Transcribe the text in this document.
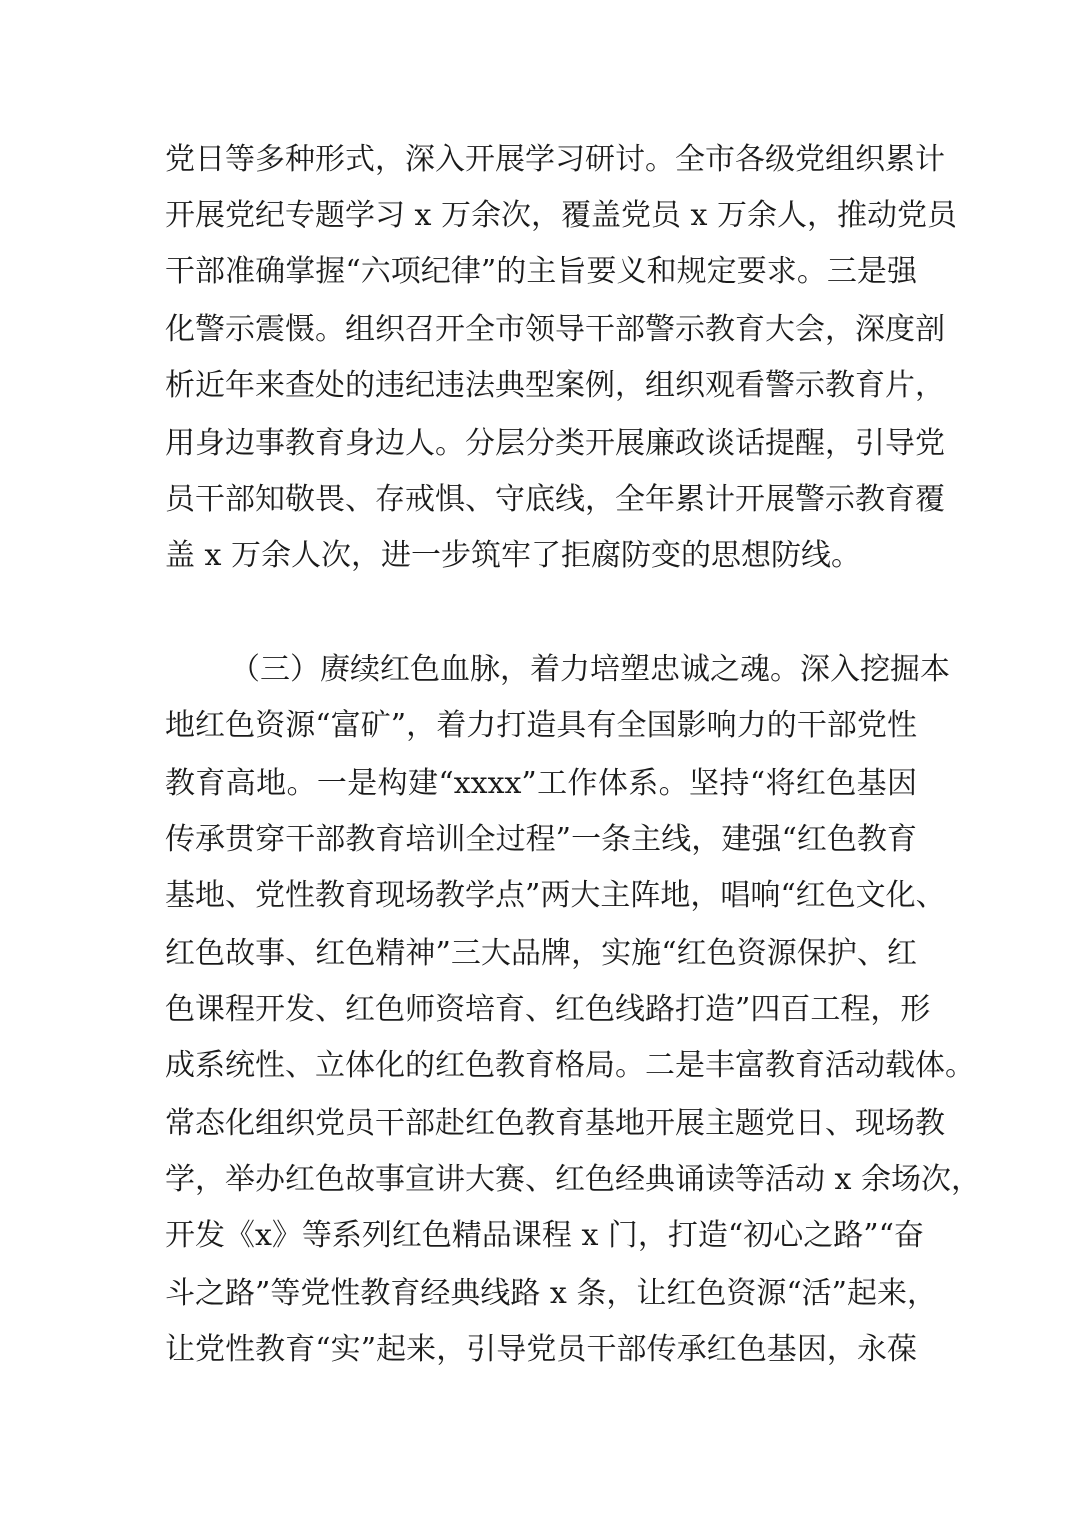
党日等多种形式，深入开展学习研讨。全市各级党组织累计
开展党纪专题学习 x 万余次，覆盖党员 x 万余人，推动党员
干部准确掌握“六项纪律”的主旨要义和规定要求。三是强
化警示震慑。组织召开全市领导干部警示教育大会，深度剖
析近年来查处的违纪违法典型案例，组织观看警示教育片，
用身边事教育身边人。分层分类开展廉政谈话提醒，引导党
员干部知敬畏、存戒惧、守底线，全年累计开展警示教育覆
盖 x 万余人次，进一步筑牢了拒腐防变的思想防线。
（三）赓续红色血脉，着力培塑忠诚之魂。深入挖掘本
地红色资源“富矿”，着力打造具有全国影响力的干部党性
教育高地。一是构建“xxxx”工作体系。坚持“将红色基因
传承贯穿干部教育培训全过程”一条主线，建强“红色教育
基地、党性教育现场教学点”两大主阵地，唱响“红色文化、
红色故事、红色精神”三大品牌，实施“红色资源保护、红
色课程开发、红色师资培育、红色线路打造”四百工程，形
成系统性、立体化的红色教育格局。二是丰富教育活动载体。
常态化组织党员干部赴红色教育基地开展主题党日、现场教
学，举办红色故事宣讲大赛、红色经典诵读等活动 x 余场次，
开发《x》等系列红色精品课程 x 门，打造“初心之路”“奋
斗之路”等党性教育经典线路 x 条，让红色资源“活”起来，
让党性教育“实”起来，引导党员干部传承红色基因，永葆
